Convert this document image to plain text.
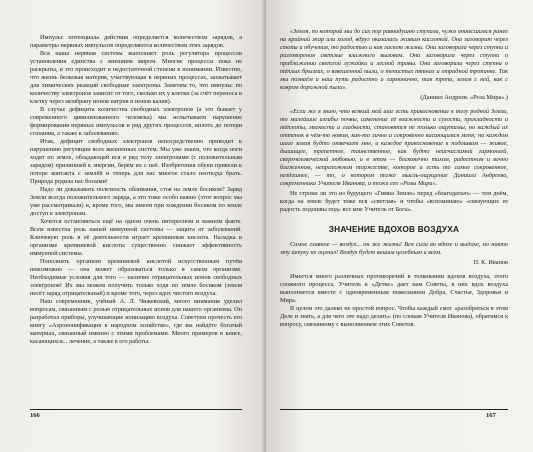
Импульс потенциала действия определяется количеством зарядов, а параметры нервных импульсов определяются количеством этих зарядов.

Вся наша нервная система выполняет роль регулятора процессов установления единства с внешним миром. Многие процессы пока не раскрыты, и это происходит в недостаточной степени в понимании. Известно, что жизнь белковая материя, участвующая в нервных процессах, захватывает для химических реакций свободные электроны. Заметим то, что импульс по количеству электронов зависит от того, сколько их у клетки (за счёт переноса в клетку через мембрану ионов натрия и ионов калия).

В случае дефицита количества свободных электронов (а это бывает у современного цивилизованного человека) мы испытываем нарушение формирования нервных импульсов и ряд других процессов, вплоть до потери сознания, а также к заболеванию.

Итак, дефицит свободных электронов непосредственно приводит к нарушению регуляции всех жизненных систем. Мы уже знаем, что когда ноги ходят по земле, обладающей вся в ряд телу электронами (с положительным зарядом) прилипшей к энергии, берём их с неё. Изобретения обуви привели к потере контакта с землёй и теперь для нас многое стало неоткуда брать. Природа родила нас босыми!

Надо ли доказывать полезность обливания, стоя на земле босиком? Заряд Земли всегда положительного заряда, а это тоже особо важно (этот вопрос мы уже рассматривали) и, кроме того, мы имеем при хождении босиком по земле доступ к электронам.

Хочется остановиться ещё на одном очень интересном и важном факте. Всем известна роль нашей иммунной системы — защита от заболеваний. Ключевую роль в её деятельности играет кремниевая кислота. Наладка в организме кремниевой кислоты существенно снижает эффективность иммунной системы.

Пополнить организм кремниевой кислотой искусственным путём невозможно — она может образоваться только в самом организме. Необходимые условия для того — наличие отрицательных ионов свободных электронов! Их мы можем получить только ходя по земле босиком (земля несёт заряд отрицательный) и кроме того, через вдох чистого воздуха.

Наш современник, учёный А. Л. Чижевский, много внимания уделил вопросам, связанным с ролью отрицательных ионов для нашего организма. Он разработал приборы, улучшающие ионизацию воздуха. Советуем прочесть его книгу «Аэроионификация в народном хозяйстве», где вы найдёте богатый материал, связанный именно с этими проблемами. Много примеров в книге, касающихся... лечение, а также в его работы.

166

«Земля, по которой мы до сих пор равнодушно ступали, чужо отнесшимся ранее на крайний жар или холод, вдруг оказалась живым кислотой. Она заговорит через стопы и обучения, то радостью и как ласкою жизни. Она заговорила через ступни и разговорения светлые влажного вызовом. Она заговорила через ступни о приближении светлой лужайки и лесной травы. Она заговорила через ступни о тёплых брызгах, о взвешенной пыли, о тенистых пятнах и отрадной тропинке. Так мы познаём и наш путь радостно и гармонично, так тропа, земля с ней, как с ковром дорожной пыли».

(Даниил Андреев. «Роза Мира».)

«Если же я знаю, что всякий мой шаг есть прикосновение к телу родной Земли, то малейшие изгибы почвы, изменение её влажности и сухости, прохладности и тёплоты, мягкости и гладкости, становятся не только ощутимы, но каждый их оттенок в чём-то новом, как-то лично и сокровенно касающимся меня; на каждом шаге земля будто отвечает мне, и каждое прикосновение к подошвам — живое, дышащее, трепетное, таинственное, как будто неисчислимой гармонией, сверхчеловеческой любовью, и в этом — бесконечно тихом, радостном и вечно блаженном, непреложном торжестве, которое и есть то самое сокровенное, нездешнее, — то, о котором тоже мысль-ощущение Даниила Андреева, современника Учителя Иванова, и тоже его «Розы Мира».

Не строки ли это из будущего «Гимна Земле» перед «благодатью» — тем днём, когда на земле будет тоже вся «светлая» и чтобы «вспоминаю» «связующих ее радость подошвы под» все мне Учитель от Бога».

ЗНАЧЕНИЕ ВДОХОВ ВОЗДУХА

Самое главное — воздух... он же жизнь! Вся сила во вдохе и выдохе, но никто эту штуку не оценил! Воздух будет вашим целебным и всем.

П. К. Иванов

Имеется много различных противоречий в толковании вдохов воздуха, этого сложного процесса. Учитель в «Детке» дает нам Советы, в них вдох воздуха выполняется вместе с одновременным пожеланием Добра, Счастья, Здоровья и Мира.

В целом это далеко не простой вопрос. Чтобы каждый смог «разобраться в этом Деле и знать, а для чего это надо делать» (по словам Учителя Иванова), обратимся к вопросу, связанному с выполнением этих Советов.

167
